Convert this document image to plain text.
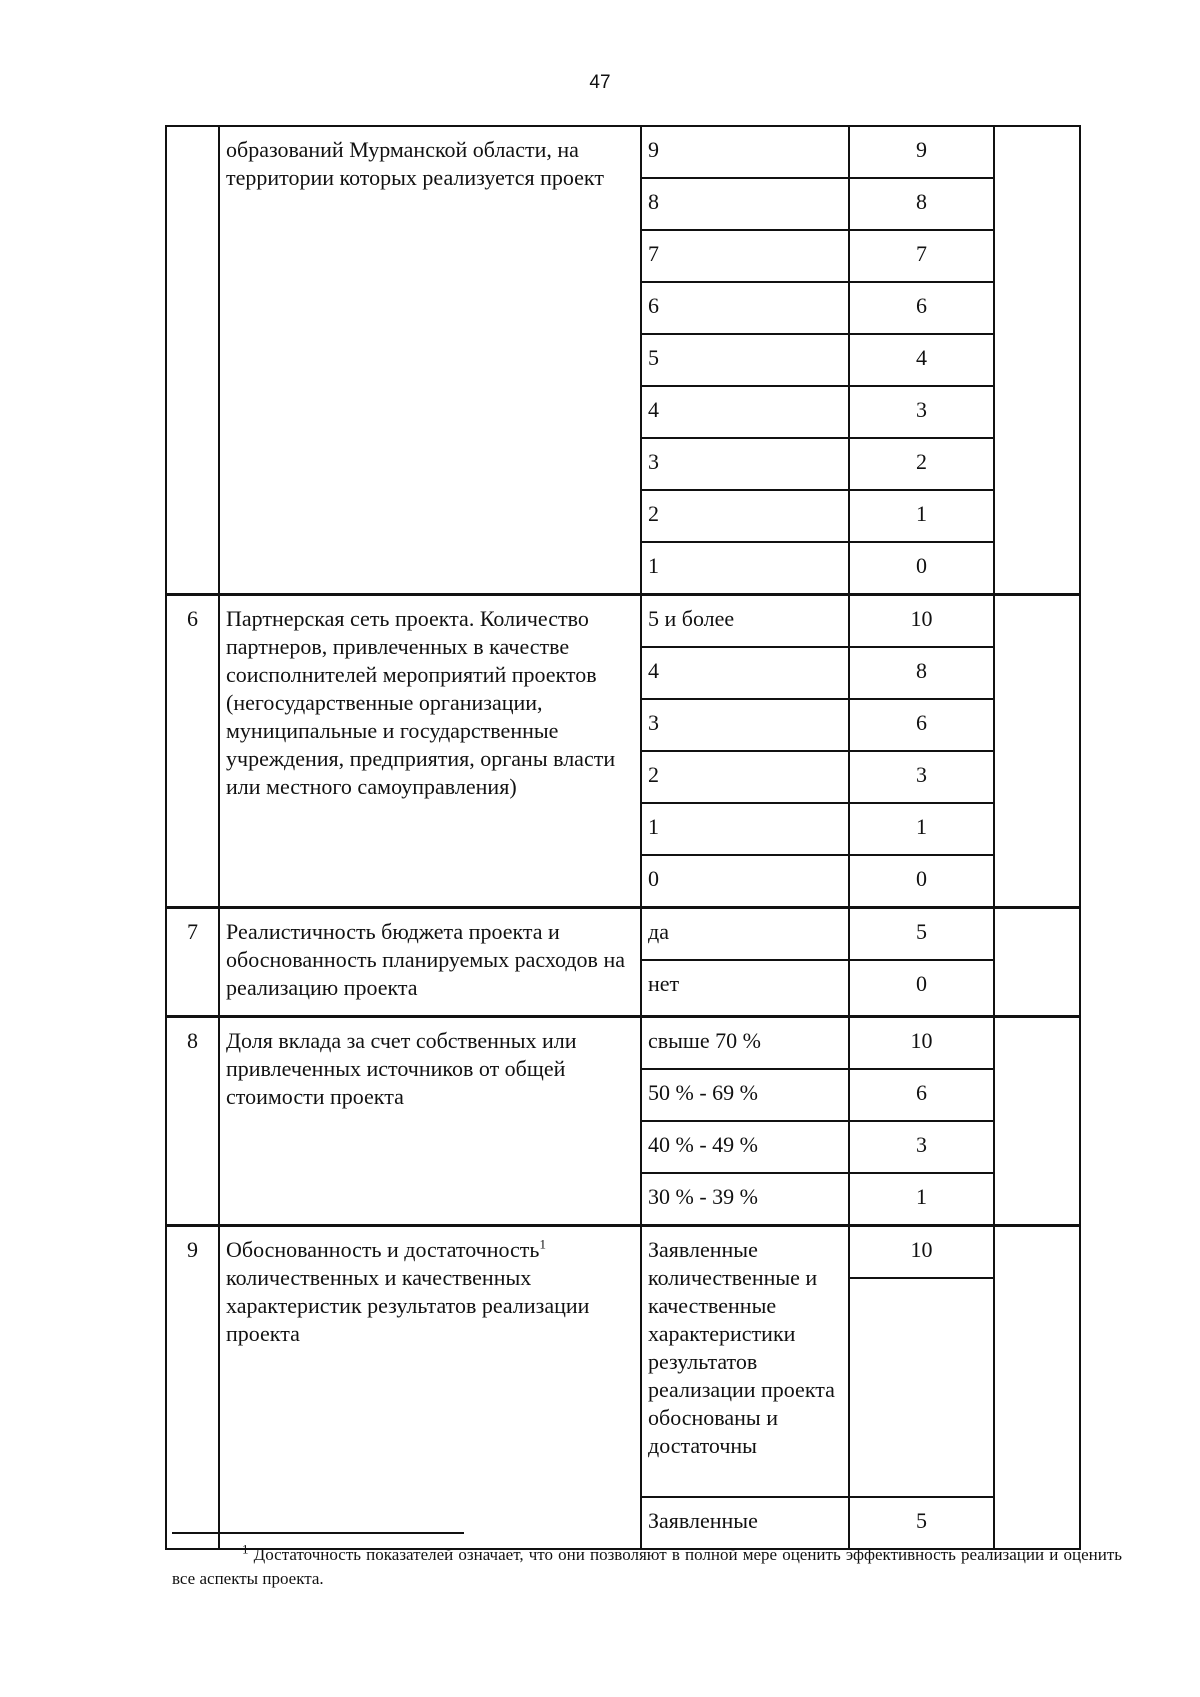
47
	образований Мурманской области, на территории которых реализуется проект	9	9	
		8	8	
		7	7	
		6	6	
		5	4	
		4	3	
		3	2	
		2	1	
		1	0	
6	Партнерская сеть проекта. Количество партнеров, привлеченных в качестве соисполнителей мероприятий проектов (негосударственные организации, муниципальные и государственные учреждения, предприятия, органы власти или местного самоуправления)	5 и более	10	
		4	8	
		3	6	
		2	3	
		1	1	
		0	0	
7	Реалистичность бюджета проекта и обоснованность планируемых расходов на реализацию проекта	да	5	
		нет	0	
8	Доля вклада за счет собственных или привлеченных источников от общей стоимости проекта	свыше 70 %	10	
		50 % - 69 %	6	
		40 % - 49 %	3	
		30 % - 39 %	1	
9	Обоснованность и достаточность$^1$ количественных и качественных характеристик результатов реализации проекта	Заявленные количественные и качественные характеристики результатов реализации проекта обоснованы и достаточны	10	

		Заявленные	5	
$^1$ Достаточность показателей означает, что они позволяют в полной мере оценить эффективность реализации и оценить все аспекты проекта.
